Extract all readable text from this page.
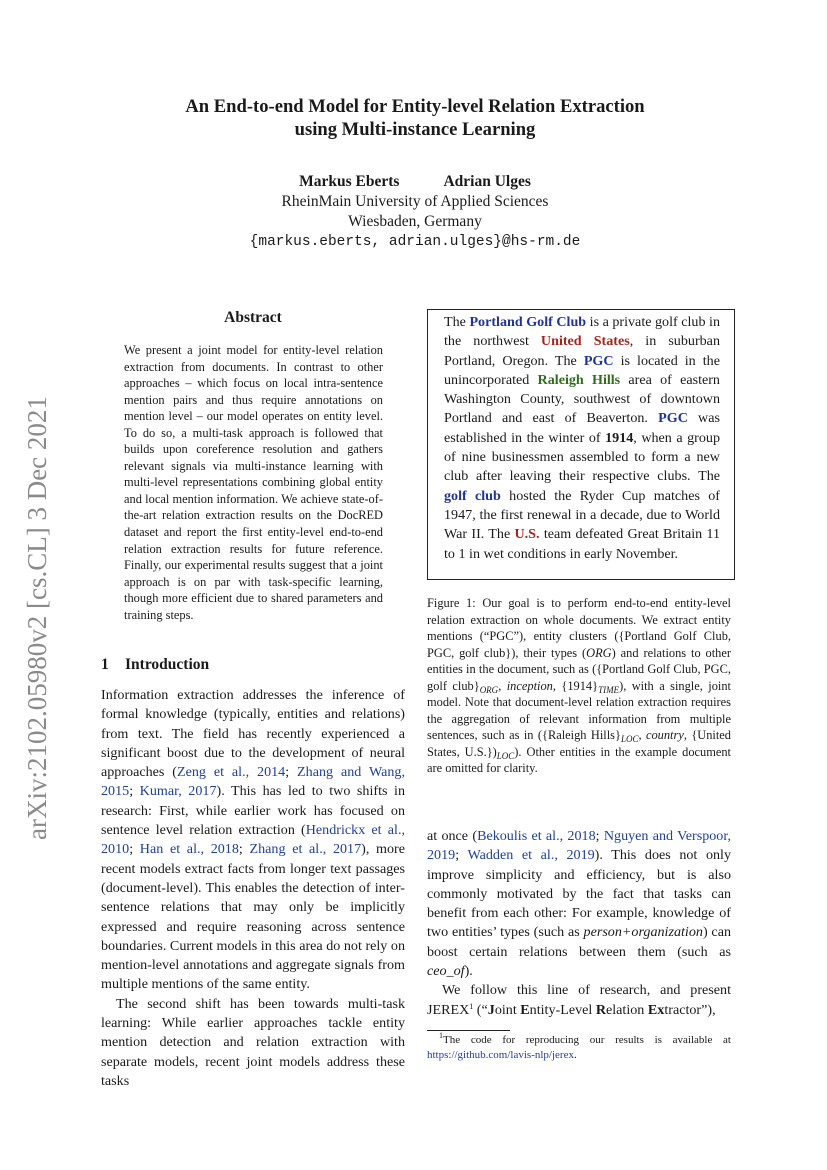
arXiv:2102.05980v2 [cs.CL] 3 Dec 2021
An End-to-end Model for Entity-level Relation Extraction
using Multi-instance Learning
Markus Eberts	Adrian Ulges
RheinMain University of Applied Sciences
Wiesbaden, Germany
{markus.eberts, adrian.ulges}@hs-rm.de
Abstract
We present a joint model for entity-level relation extraction from documents. In contrast to other approaches – which focus on local intra-sentence mention pairs and thus require annotations on mention level – our model operates on entity level. To do so, a multi-task approach is followed that builds upon coreference resolution and gathers relevant signals via multi-instance learning with multi-level representations combining global entity and local mention information. We achieve state-of-the-art relation extraction results on the DocRED dataset and report the first entity-level end-to-end relation extraction results for future reference. Finally, our experimental results suggest that a joint approach is on par with task-specific learning, though more efficient due to shared parameters and training steps.
The Portland Golf Club is a private golf club in the northwest United States, in suburban Portland, Oregon. The PGC is located in the unincorporated Raleigh Hills area of eastern Washington County, southwest of downtown Portland and east of Beaverton. PGC was established in the winter of 1914, when a group of nine businessmen assembled to form a new club after leaving their respective clubs. The golf club hosted the Ryder Cup matches of 1947, the first renewal in a decade, due to World War II. The U.S. team defeated Great Britain 11 to 1 in wet conditions in early November.
Figure 1: Our goal is to perform end-to-end entity-level relation extraction on whole documents. We extract entity mentions (“PGC”), entity clusters ({Portland Golf Club, PGC, golf club}), their types (ORG) and relations to other entities in the document, such as ({Portland Golf Club, PGC, golf $club\}_{ORG}$, inception, $\{1914\}_{TIME}$), with a single, joint model. Note that document-level relation extraction requires the aggregation of relevant information from multiple sentences, such as in ({Raleigh $Hills\}_{LOC}$, country, {United States, $U.S.\})_{LOC}$). Other entities in the example document are omitted for clarity.
1 Introduction

Information extraction addresses the inference of formal knowledge (typically, entities and relations) from text. The field has recently experienced a significant boost due to the development of neural approaches (Zeng et al., 2014; Zhang and Wang, 2015; Kumar, 2017). This has led to two shifts in research: First, while earlier work has focused on sentence level relation extraction (Hendrickx et al., 2010; Han et al., 2018; Zhang et al., 2017), more recent models extract facts from longer text passages (document-level). This enables the detection of inter-sentence relations that may only be implicitly expressed and require reasoning across sentence boundaries. Current models in this area do not rely on mention-level annotations and aggregate signals from multiple mentions of the same entity.

The second shift has been towards multi-task learning: While earlier approaches tackle entity mention detection and relation extraction with separate models, recent joint models address these tasks

at once (Bekoulis et al., 2018; Nguyen and Verspoor, 2019; Wadden et al., 2019). This does not only improve simplicity and efficiency, but is also commonly motivated by the fact that tasks can benefit from each other: For example, knowledge of two entities’ types (such as person+organization) can boost certain relations between them (such as ceo_of).

We follow this line of research, and present JEREX$^1$ (“Joint Entity-Level Relation Extractor”),

$^1$The code for reproducing our results is available at https://github.com/lavis-nlp/jerex.
